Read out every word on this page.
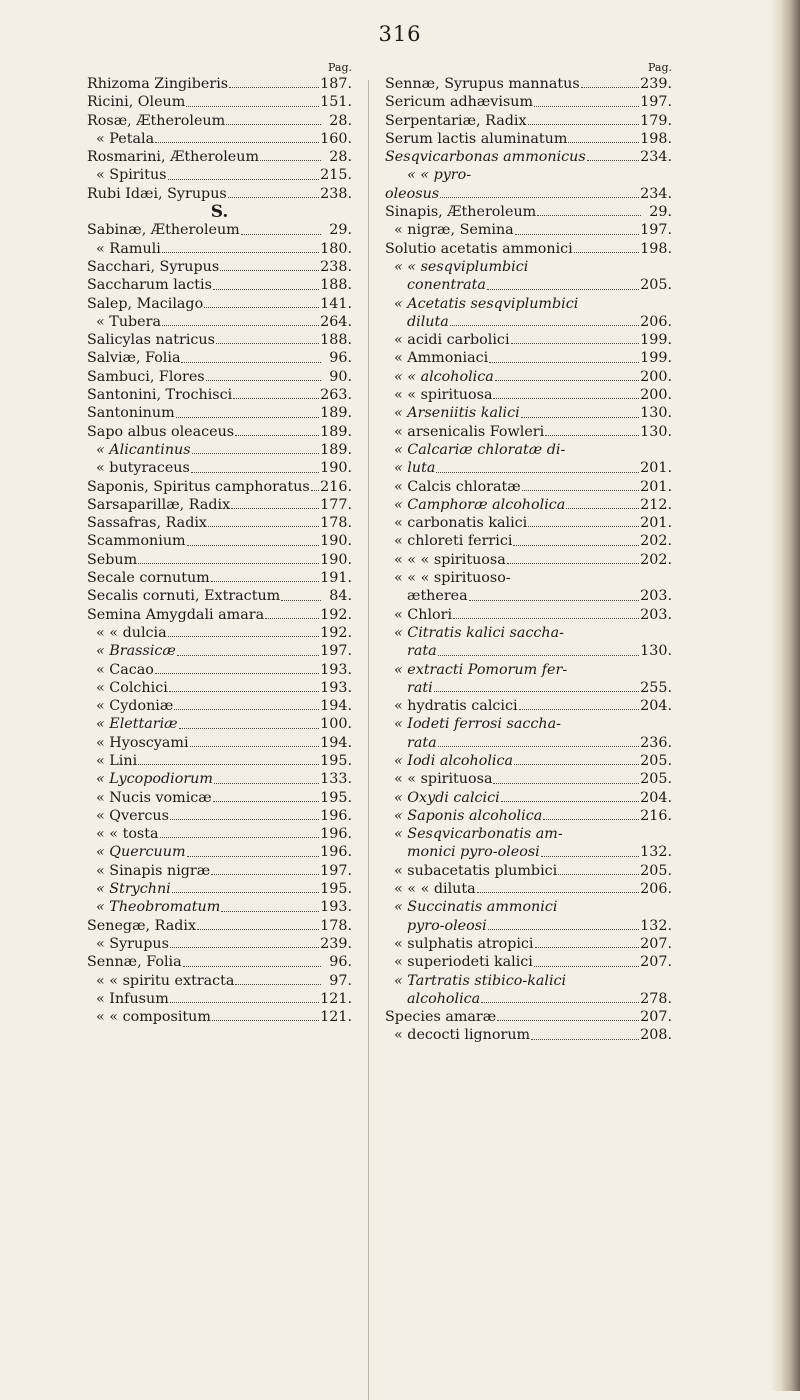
316
Pag.
Rhizoma Zingiberis	187.
Ricini, Oleum	151.
Rosæ, Ætheroleum	28.
« Petala	160.
Rosmarini, Ætheroleum	28.
« Spiritus	215.
Rubi Idæi, Syrupus	238.
S.
Sabinæ, Ætheroleum	29.
« Ramuli	180.
Sacchari, Syrupus	238.
Saccharum lactis	188.
Salep, Macilago	141.
« Tubera	264.
Salicylas natricus	188.
Salviæ, Folia	96.
Sambuci, Flores	90.
Santonini, Trochisci	263.
Santoninum	189.
Sapo albus oleaceus	189.
« Alicantinus	189.
« butyraceus	190.
Saponis, Spiritus camphoratus 216.
Sarsaparillæ, Radix	177.
Sassafras, Radix	178.
Scammonium	190.
Sebum	190.
Secale cornutum	191.
Secalis cornuti, Extractum	84.
Semina Amygdali amara	192.
« « dulcia	192.
« Brassicæ	197.
« Cacao	193.
« Colchici	193.
« Cydoniæ	194.
« Elettariæ	100.
« Hyoscyami	194.
« Lini	195.
« Lycopodiorum	133.
« Nucis vomicæ	195.
« Qvercus	196.
« « tosta	196.
« Quercuum	196.
« Sinapis nigræ	197.
« Strychni	195.
« Theobromatum	193.
Senegæ, Radix	178.
« Syrupus	239.
Sennæ, Folia	96.
« « spiritu extracta	97.
« Infusum	121.
« « compositum	121.
Pag.
Sennæ, Syrupus mannatus	239.
Sericum adhævisum	197.
Serpentariæ, Radix	179.
Serum lactis aluminatum	198.
Sesqvicarbonas ammonicus	234.
« « pyro-
oleosus	234.
Sinapis, Ætheroleum	29.
« nigræ, Semina	197.
Solutio acetatis ammonici	198.
« « sesqviplumbici
conentrata	205.
« Acetatis sesqviplumbici
diluta	206.
« acidi carbolici	199.
« Ammoniaci	199.
« « alcoholica	200.
« « spirituosa	200.
« Arseniitis kalici	130.
« arsenicalis Fowleri	130.
« Calcariæ chloratæ di-
« luta	201.
« Calcis chloratæ	201.
« Camphoræ alcoholica	212.
« carbonatis kalici	201.
« chloreti ferrici	202.
« « « spirituosa	202.
« « « spirituoso-
ætherea	203.
« Chlori	203.
« Citratis kalici saccha-
rata	130.
« extracti Pomorum fer-
rati	255.
« hydratis calcici	204.
« Iodeti ferrosi saccha-
rata	236.
« Iodi alcoholica	205.
« « spirituosa	205.
« Oxydi calcici	204.
« Saponis alcoholica	216.
« Sesqvicarbonatis am-
monici pyro-oleosi	132.
« subacetatis plumbici	205.
« « « diluta	206.
« Succinatis ammonici
pyro-oleosi	132.
« sulphatis atropici	207.
« superiodeti kalici	207.
« Tartratis stibico-kalici
alcoholica	278.
Species amaræ	207.
« decocti lignorum	208.
